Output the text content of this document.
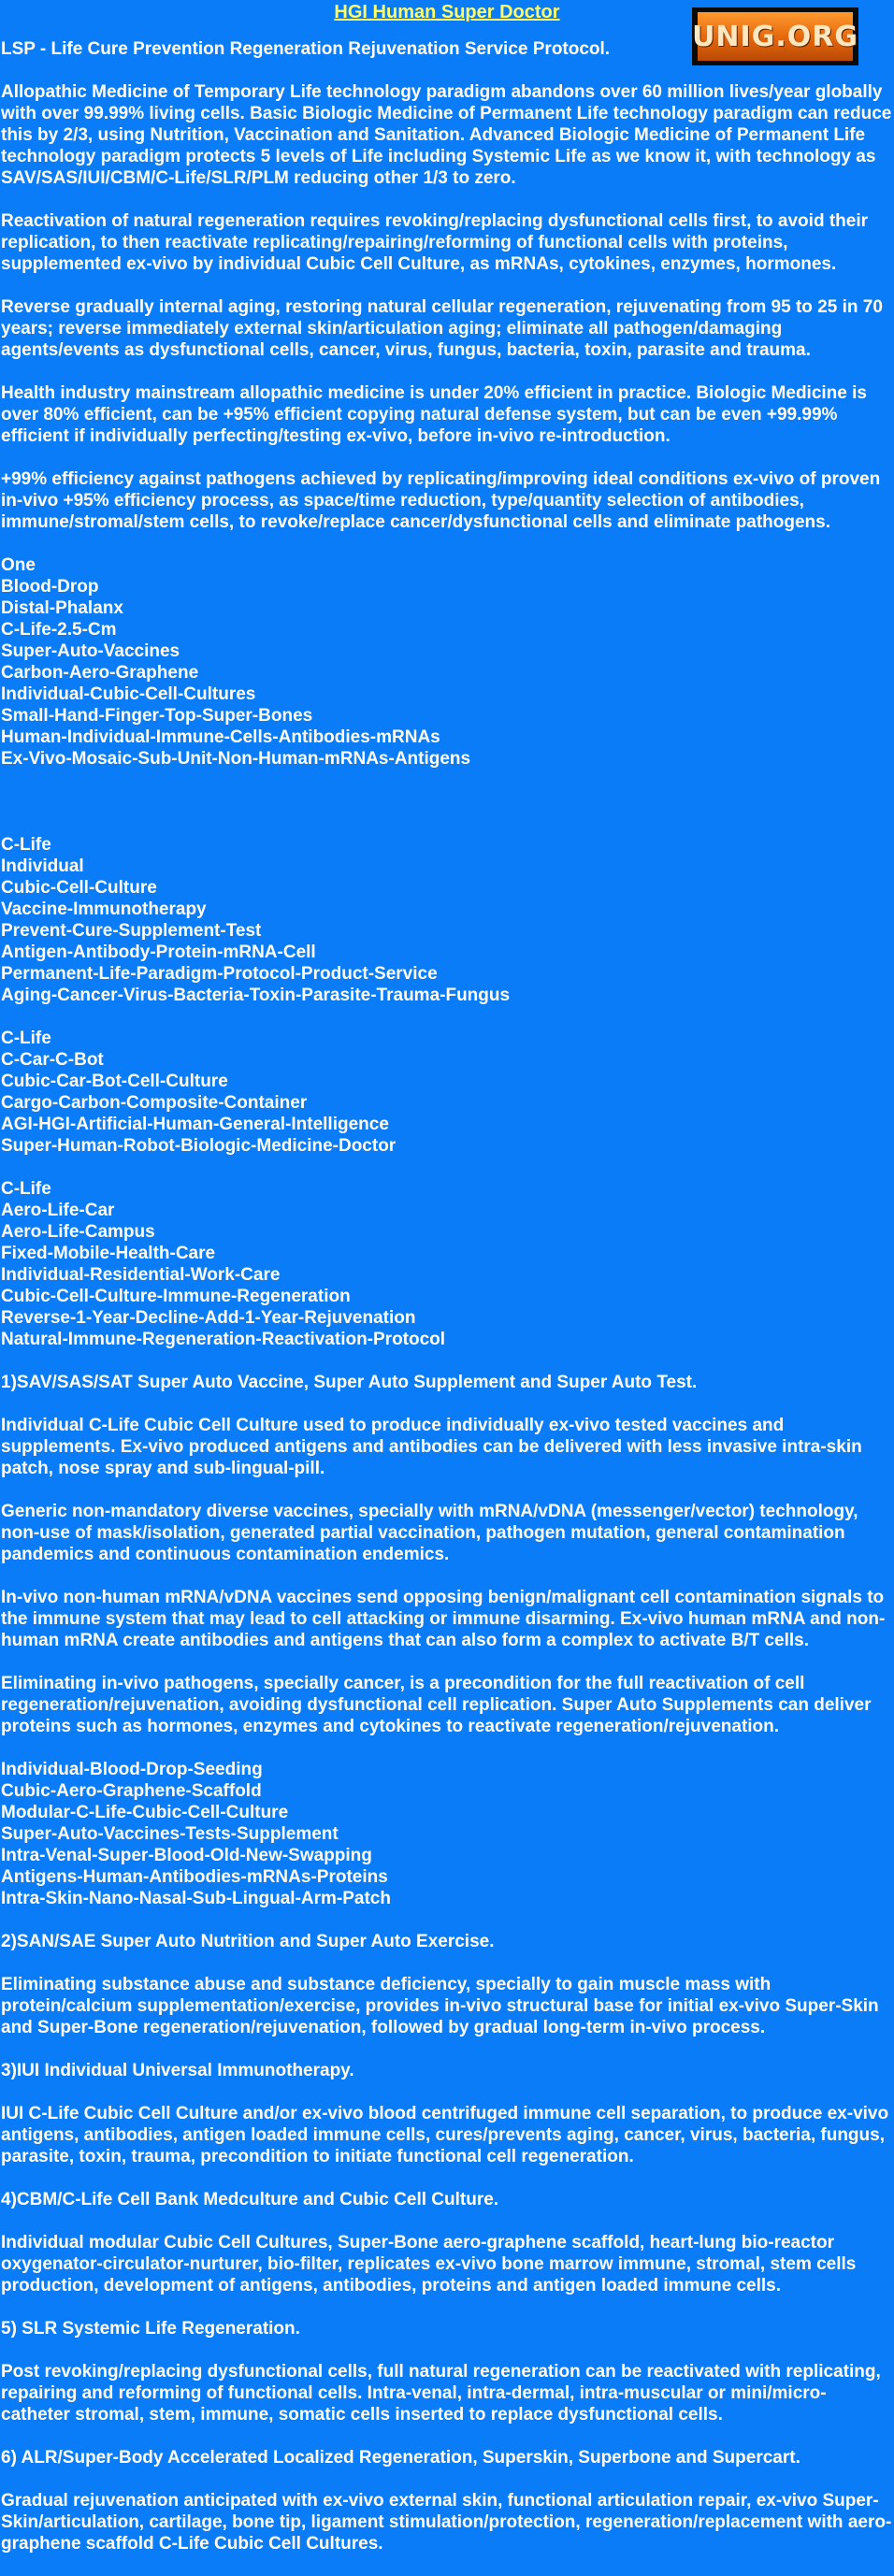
HGI Human Super Doctor
UNIG.ORG

LSP - Life Cure Prevention Regeneration Rejuvenation Service Protocol.

Allopathic Medicine of Temporary Life technology paradigm abandons over 60 million lives/year globally with over 99.99% living cells. Basic Biologic Medicine of Permanent Life technology paradigm can reduce this by 2/3, using Nutrition, Vaccination and Sanitation. Advanced Biologic Medicine of Permanent Life technology paradigm protects 5 levels of Life including Systemic Life as we know it, with technology as SAV/SAS/IUI/CBM/C-Life/SLR/PLM reducing other 1/3 to zero.

Reactivation of natural regeneration requires revoking/replacing dysfunctional cells first, to avoid their replication, to then reactivate replicating/repairing/reforming of functional cells with proteins, supplemented ex-vivo by individual Cubic Cell Culture, as mRNAs, cytokines, enzymes, hormones.

Reverse gradually internal aging, restoring natural cellular regeneration, rejuvenating from 95 to 25 in 70 years; reverse immediately external skin/articulation aging; eliminate all pathogen/damaging agents/events as dysfunctional cells, cancer, virus, fungus, bacteria, toxin, parasite and trauma.

Health industry mainstream allopathic medicine is under 20% efficient in practice. Biologic Medicine is over 80% efficient, can be +95% efficient copying natural defense system, but can be even +99.99% efficient if individually perfecting/testing ex-vivo, before in-vivo re-introduction.

+99% efficiency against pathogens achieved by replicating/improving ideal conditions ex-vivo of proven in-vivo +95% efficiency process, as space/time reduction, type/quantity selection of antibodies, immune/stromal/stem cells, to revoke/replace cancer/dysfunctional cells and eliminate pathogens.

One
Blood-Drop
Distal-Phalanx
C-Life-2.5-Cm
Super-Auto-Vaccines
Carbon-Aero-Graphene
Individual-Cubic-Cell-Cultures
Small-Hand-Finger-Top-Super-Bones
Human-Individual-Immune-Cells-Antibodies-mRNAs
Ex-Vivo-Mosaic-Sub-Unit-Non-Human-mRNAs-Antigens
C-Life
Individual
Cubic-Cell-Culture
Vaccine-Immunotherapy
Prevent-Cure-Supplement-Test
Antigen-Antibody-Protein-mRNA-Cell
Permanent-Life-Paradigm-Protocol-Product-Service
Aging-Cancer-Virus-Bacteria-Toxin-Parasite-Trauma-Fungus
C-Life
C-Car-C-Bot
Cubic-Car-Bot-Cell-Culture
Cargo-Carbon-Composite-Container
AGI-HGI-Artificial-Human-General-Intelligence
Super-Human-Robot-Biologic-Medicine-Doctor
C-Life
Aero-Life-Car
Aero-Life-Campus
Fixed-Mobile-Health-Care
Individual-Residential-Work-Care
Cubic-Cell-Culture-Immune-Regeneration
Reverse-1-Year-Decline-Add-1-Year-Rejuvenation
Natural-Immune-Regeneration-Reactivation-Protocol

1)SAV/SAS/SAT Super Auto Vaccine, Super Auto Supplement and Super Auto Test.

Individual C-Life Cubic Cell Culture used to produce individually ex-vivo tested vaccines and supplements. Ex-vivo produced antigens and antibodies can be delivered with less invasive intra-skin patch, nose spray and sub-lingual-pill.

Generic non-mandatory diverse vaccines, specially with mRNA/vDNA (messenger/vector) technology, non-use of mask/isolation, generated partial vaccination, pathogen mutation, general contamination pandemics and continuous contamination endemics.

In-vivo non-human mRNA/vDNA vaccines send opposing benign/malignant cell contamination signals to the immune system that may lead to cell attacking or immune disarming. Ex-vivo human mRNA and non-human mRNA create antibodies and antigens that can also form a complex to activate B/T cells.

Eliminating in-vivo pathogens, specially cancer, is a precondition for the full reactivation of cell regeneration/rejuvenation, avoiding dysfunctional cell replication. Super Auto Supplements can deliver proteins such as hormones, enzymes and cytokines to reactivate regeneration/rejuvenation.

Individual-Blood-Drop-Seeding
Cubic-Aero-Graphene-Scaffold
Modular-C-Life-Cubic-Cell-Culture
Super-Auto-Vaccines-Tests-Supplement
Intra-Venal-Super-Blood-Old-New-Swapping
Antigens-Human-Antibodies-mRNAs-Proteins
Intra-Skin-Nano-Nasal-Sub-Lingual-Arm-Patch

2)SAN/SAE Super Auto Nutrition and Super Auto Exercise.

Eliminating substance abuse and substance deficiency, specially to gain muscle mass with protein/calcium supplementation/exercise, provides in-vivo structural base for initial ex-vivo Super-Skin and Super-Bone regeneration/rejuvenation, followed by gradual long-term in-vivo process.

3)IUI Individual Universal Immunotherapy.

IUI C-Life Cubic Cell Culture and/or ex-vivo blood centrifuged immune cell separation, to produce ex-vivo antigens, antibodies, antigen loaded immune cells, cures/prevents aging, cancer, virus, bacteria, fungus, parasite, toxin, trauma, precondition to initiate functional cell regeneration.

4)CBM/C-Life Cell Bank Medculture and Cubic Cell Culture.

Individual modular Cubic Cell Cultures, Super-Bone aero-graphene scaffold, heart-lung bio-reactor oxygenator-circulator-nurturer, bio-filter, replicates ex-vivo bone marrow immune, stromal, stem cells production, development of antigens, antibodies, proteins and antigen loaded immune cells.

5) SLR Systemic Life Regeneration.

Post revoking/replacing dysfunctional cells, full natural regeneration can be reactivated with replicating, repairing and reforming of functional cells. Intra-venal, intra-dermal, intra-muscular or mini/micro-catheter stromal, stem, immune, somatic cells inserted to replace dysfunctional cells.

6) ALR/Super-Body Accelerated Localized Regeneration, Superskin, Superbone and Supercart.

Gradual rejuvenation anticipated with ex-vivo external skin, functional articulation repair, ex-vivo Super-Skin/articulation, cartilage, bone tip, ligament stimulation/protection, regeneration/replacement with aero-graphene scaffold C-Life Cubic Cell Cultures.
